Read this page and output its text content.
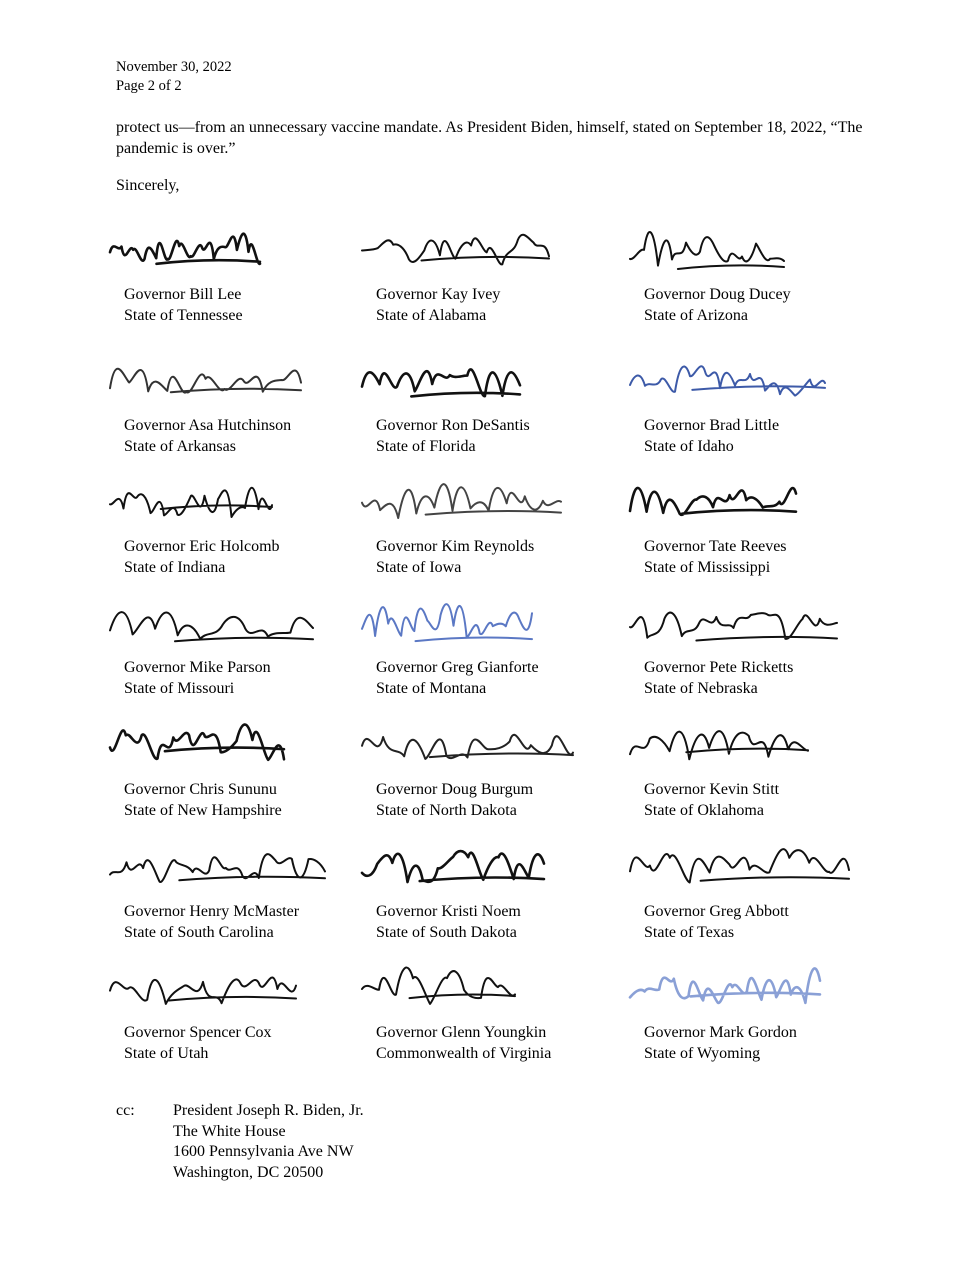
November 30, 2022
Page 2 of 2

protect us—from an unnecessary vaccine mandate. As President Biden, himself, stated on September 18, 2022, “The pandemic is over.”

Sincerely,
Governor Bill Lee
State of Tennessee
Governor Kay Ivey
State of Alabama
Governor Doug Ducey
State of Arizona
Governor Asa Hutchinson
State of Arkansas
Governor Ron DeSantis
State of Florida
Governor Brad Little
State of Idaho
Governor Eric Holcomb
State of Indiana
Governor Kim Reynolds
State of Iowa
Governor Tate Reeves
State of Mississippi
Governor Mike Parson
State of Missouri
Governor Greg Gianforte
State of Montana
Governor Pete Ricketts
State of Nebraska
Governor Chris Sununu
State of New Hampshire
Governor Doug Burgum
State of North Dakota
Governor Kevin Stitt
State of Oklahoma
Governor Henry McMaster
State of South Carolina
Governor Kristi Noem
State of South Dakota
Governor Greg Abbott
State of Texas
Governor Spencer Cox
State of Utah
Governor Glenn Youngkin
Commonwealth of Virginia
Governor Mark Gordon
State of Wyoming
cc: President Joseph R. Biden, Jr.
The White House
1600 Pennsylvania Ave NW
Washington, DC 20500
